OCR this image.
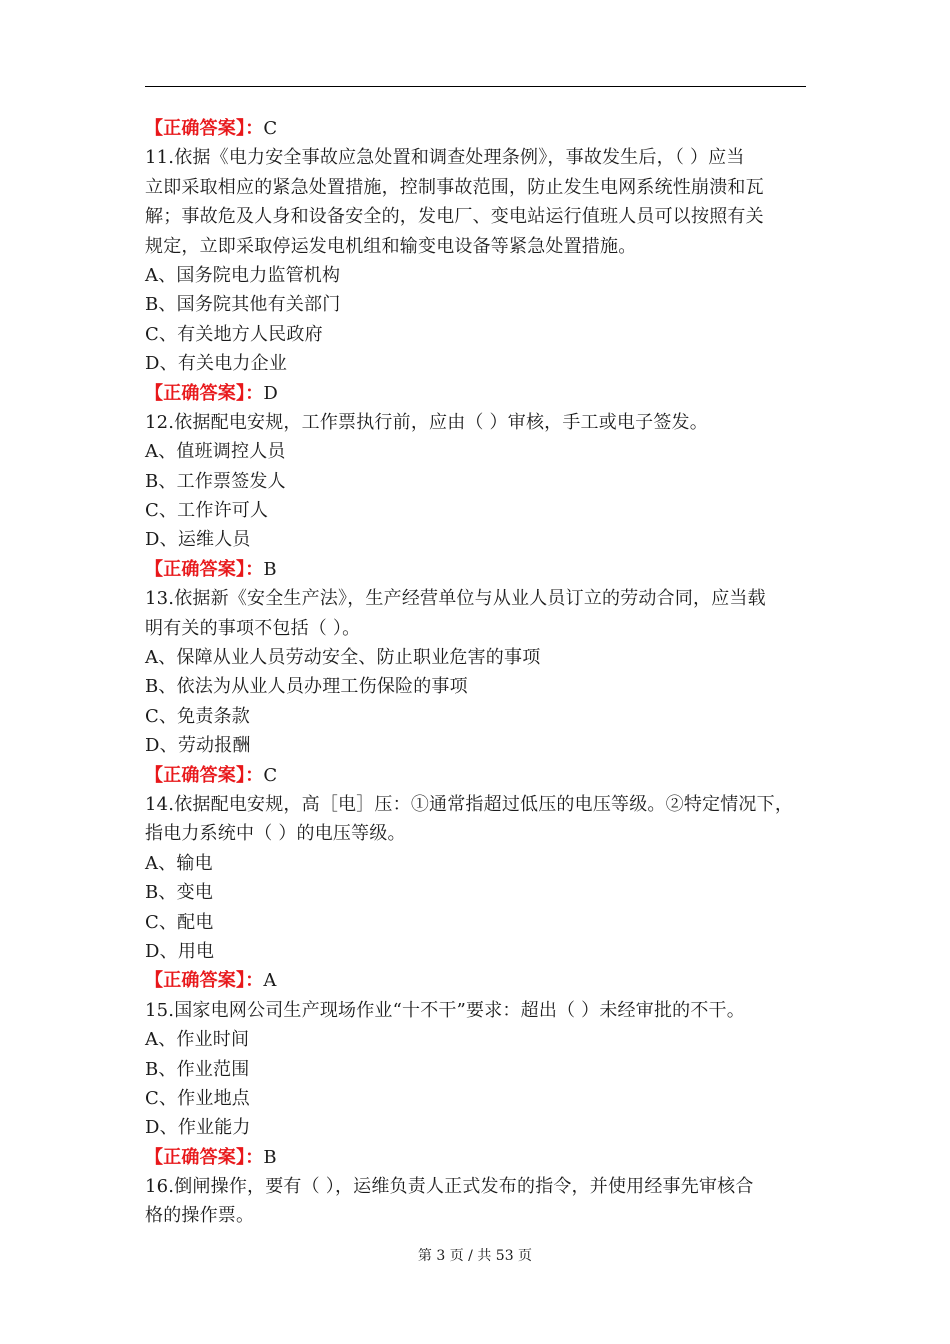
【正确答案】：C
11.依据《电力安全事故应急处置和调查处理条例》，事故发生后，（ ）应当
立即采取相应的紧急处置措施，控制事故范围，防止发生电网系统性崩溃和瓦
解；事故危及人身和设备安全的，发电厂、变电站运行值班人员可以按照有关
规定，立即采取停运发电机组和输变电设备等紧急处置措施。
A、国务院电力监管机构
B、国务院其他有关部门
C、有关地方人民政府
D、有关电力企业
【正确答案】：D
12.依据配电安规，工作票执行前，应由（ ）审核，手工或电子签发。
A、值班调控人员
B、工作票签发人
C、工作许可人
D、运维人员
【正确答案】：B
13.依据新《安全生产法》，生产经营单位与从业人员订立的劳动合同，应当载
明有关的事项不包括（ ）。
A、保障从业人员劳动安全、防止职业危害的事项
B、依法为从业人员办理工伤保险的事项
C、免责条款
D、劳动报酬
【正确答案】：C
14.依据配电安规，高［电］压：①通常指超过低压的电压等级。②特定情况下，
指电力系统中（ ）的电压等级。
A、输电
B、变电
C、配电
D、用电
【正确答案】：A
15.国家电网公司生产现场作业“十不干”要求：超出（ ）未经审批的不干。
A、作业时间
B、作业范围
C、作业地点
D、作业能力
【正确答案】：B
16.倒闸操作，要有（ ），运维负责人正式发布的指令，并使用经事先审核合
格的操作票。
第 3 页 / 共 53 页
